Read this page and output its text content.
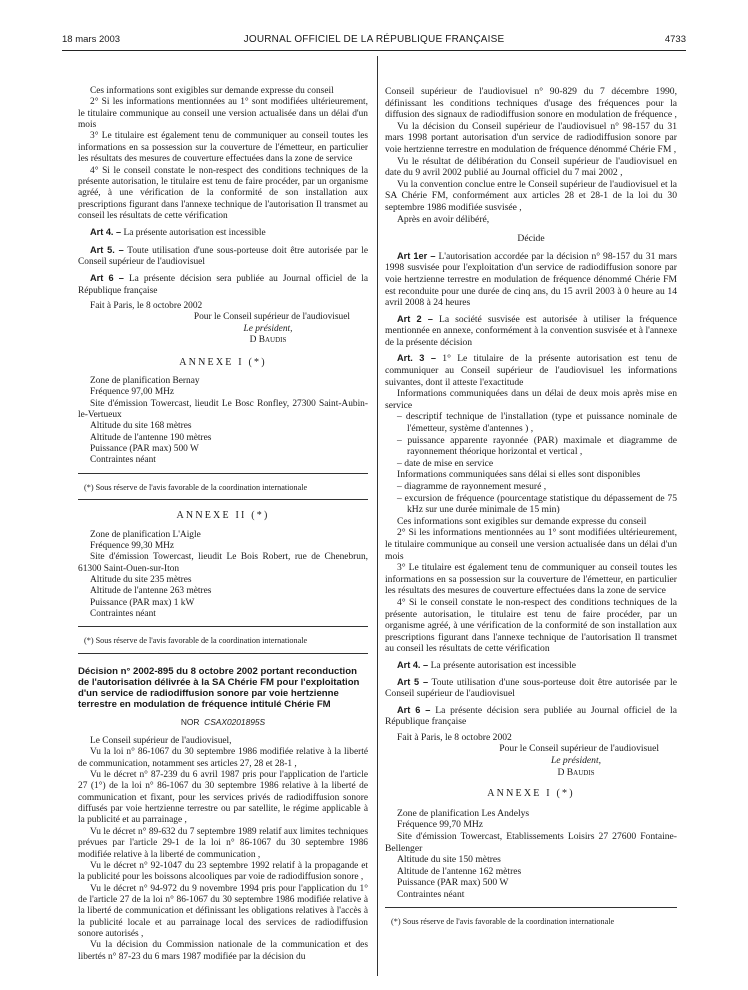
18 mars 2003	JOURNAL OFFICIEL DE LA RÉPUBLIQUE FRANÇAISE	4733

Ces informations sont exigibles sur demande expresse du conseil

2° Si les informations mentionnées au 1° sont modifiées ultérieurement, le titulaire communique au conseil une version actualisée dans un délai d'un mois

3° Le titulaire est également tenu de communiquer au conseil toutes les informations en sa possession sur la couverture de l'émetteur, en particulier les résultats des mesures de couverture effectuées dans la zone de service

4° Si le conseil constate le non-respect des conditions techniques de la présente autorisation, le titulaire est tenu de faire procéder, par un organisme agréé, à une vérification de la conformité de son installation aux prescriptions figurant dans l'annexe technique de l'autorisation Il transmet au conseil les résultats de cette vérification

Art 4. – La présente autorisation est incessible

Art 5. – Toute utilisation d'une sous-porteuse doit être autorisée par le Conseil supérieur de l'audiovisuel

Art 6 – La présente décision sera publiée au Journal officiel de la République française

Fait à Paris, le 8 octobre 2002

Pour le Conseil supérieur de l'audiovisuel

Le président,

D Baudis

ANNEXE I (*)

Zone de planification Bernay

Fréquence 97,00 MHz

Site d'émission Towercast, lieudit Le Bosc Ronfley, 27300 Saint-Aubin-le-Vertueux

Altitude du site 168 mètres

Altitude de l'antenne 190 mètres

Puissance (PAR max) 500 W

Contraintes néant

(*) Sous réserve de l'avis favorable de la coordination internationale

ANNEXE II (*)

Zone de planification L'Aigle

Fréquence 99,30 MHz

Site d'émission Towercast, lieudit Le Bois Robert, rue de Chenebrun, 61300 Saint-Ouen-sur-Iton

Altitude du site 235 mètres

Altitude de l'antenne 263 mètres

Puissance (PAR max) 1 kW

Contraintes néant

(*) Sous réserve de l'avis favorable de la coordination internationale

Décision n° 2002-895 du 8 octobre 2002 portant reconduction de l'autorisation délivrée à la SA Chérie FM pour l'exploitation d'un service de radiodiffusion sonore par voie hertzienne terrestre en modulation de fréquence intitulé Chérie FM

NOR CSAX0201895S

Le Conseil supérieur de l'audiovisuel,

Vu la loi n° 86-1067 du 30 septembre 1986 modifiée relative à la liberté de communication, notamment ses articles 27, 28 et 28-1 ,

Vu le décret n° 87-239 du 6 avril 1987 pris pour l'application de l'article 27 (1°) de la loi n° 86-1067 du 30 septembre 1986 relative à la liberté de communication et fixant, pour les services privés de radiodiffusion sonore diffusés par voie hertzienne terrestre ou par satellite, le régime applicable à la publicité et au parrainage ,

Vu le décret n° 89-632 du 7 septembre 1989 relatif aux limites techniques prévues par l'article 29-1 de la loi n° 86-1067 du 30 septembre 1986 modifiée relative à la liberté de communication ,

Vu le décret n° 92-1047 du 23 septembre 1992 relatif à la propagande et la publicité pour les boissons alcooliques par voie de radiodiffusion sonore ,

Vu le décret n° 94-972 du 9 novembre 1994 pris pour l'application du 1° de l'article 27 de la loi n° 86-1067 du 30 septembre 1986 modifiée relative à la liberté de communication et définissant les obligations relatives à l'accès à la publicité locale et au parrainage local des services de radiodiffusion sonore autorisés ,

Vu la décision du Commission nationale de la communication et des libertés n° 87-23 du 6 mars 1987 modifiée par la décision du

Conseil supérieur de l'audiovisuel n° 90-829 du 7 décembre 1990, définissant les conditions techniques d'usage des fréquences pour la diffusion des signaux de radiodiffusion sonore en modulation de fréquence ,

Vu la décision du Conseil supérieur de l'audiovisuel n° 98-157 du 31 mars 1998 portant autorisation d'un service de radiodiffusion sonore par voie hertzienne terrestre en modulation de fréquence dénommé Chérie FM ,

Vu le résultat de délibération du Conseil supérieur de l'audiovisuel en date du 9 avril 2002 publié au Journal officiel du 7 mai 2002 ,

Vu la convention conclue entre le Conseil supérieur de l'audiovisuel et la SA Chérie FM, conformément aux articles 28 et 28-1 de la loi du 30 septembre 1986 modifiée susvisée ,

Après en avoir délibéré,

Décide

Art 1er – L'autorisation accordée par la décision n° 98-157 du 31 mars 1998 susvisée pour l'exploitation d'un service de radiodiffusion sonore par voie hertzienne terrestre en modulation de fréquence dénommé Chérie FM est reconduite pour une durée de cinq ans, du 15 avril 2003 à 0 heure au 14 avril 2008 à 24 heures

Art 2 – La société susvisée est autorisée à utiliser la fréquence mentionnée en annexe, conformément à la convention susvisée et à l'annexe de la présente décision

Art. 3 – 1° Le titulaire de la présente autorisation est tenu de communiquer au Conseil supérieur de l'audiovisuel les informations suivantes, dont il atteste l'exactitude

Informations communiquées dans un délai de deux mois après mise en service

– descriptif technique de l'installation (type et puissance nominale de l'émetteur, système d'antennes ) ,

– puissance apparente rayonnée (PAR) maximale et diagramme de rayonnement théorique horizontal et vertical ,

– date de mise en service

Informations communiquées sans délai si elles sont disponibles

– diagramme de rayonnement mesuré ,

– excursion de fréquence (pourcentage statistique du dépassement de 75 kHz sur une durée minimale de 15 min)

Ces informations sont exigibles sur demande expresse du conseil

2° Si les informations mentionnées au 1° sont modifiées ultérieurement, le titulaire communique au conseil une version actualisée dans un délai d'un mois

3° Le titulaire est également tenu de communiquer au conseil toutes les informations en sa possession sur la couverture de l'émetteur, en particulier les résultats des mesures de couverture effectuées dans la zone de service

4° Si le conseil constate le non-respect des conditions techniques de la présente autorisation, le titulaire est tenu de faire procéder, par un organisme agréé, à une vérification de la conformité de son installation aux prescriptions figurant dans l'annexe technique de l'autorisation Il transmet au conseil les résultats de cette vérification

Art 4. – La présente autorisation est incessible

Art 5 – Toute utilisation d'une sous-porteuse doit être autorisée par le Conseil supérieur de l'audiovisuel

Art 6 – La présente décision sera publiée au Journal officiel de la République française

Fait à Paris, le 8 octobre 2002

Pour le Conseil supérieur de l'audiovisuel

Le président,

D Baudis

ANNEXE I (*)

Zone de planification Les Andelys

Fréquence 99,70 MHz

Site d'émission Towercast, Etablissements Loisirs 27 27600 Fontaine-Bellenger

Altitude du site 150 mètres

Altitude de l'antenne 162 mètres

Puissance (PAR max) 500 W

Contraintes néant

(*) Sous réserve de l'avis favorable de la coordination internationale
